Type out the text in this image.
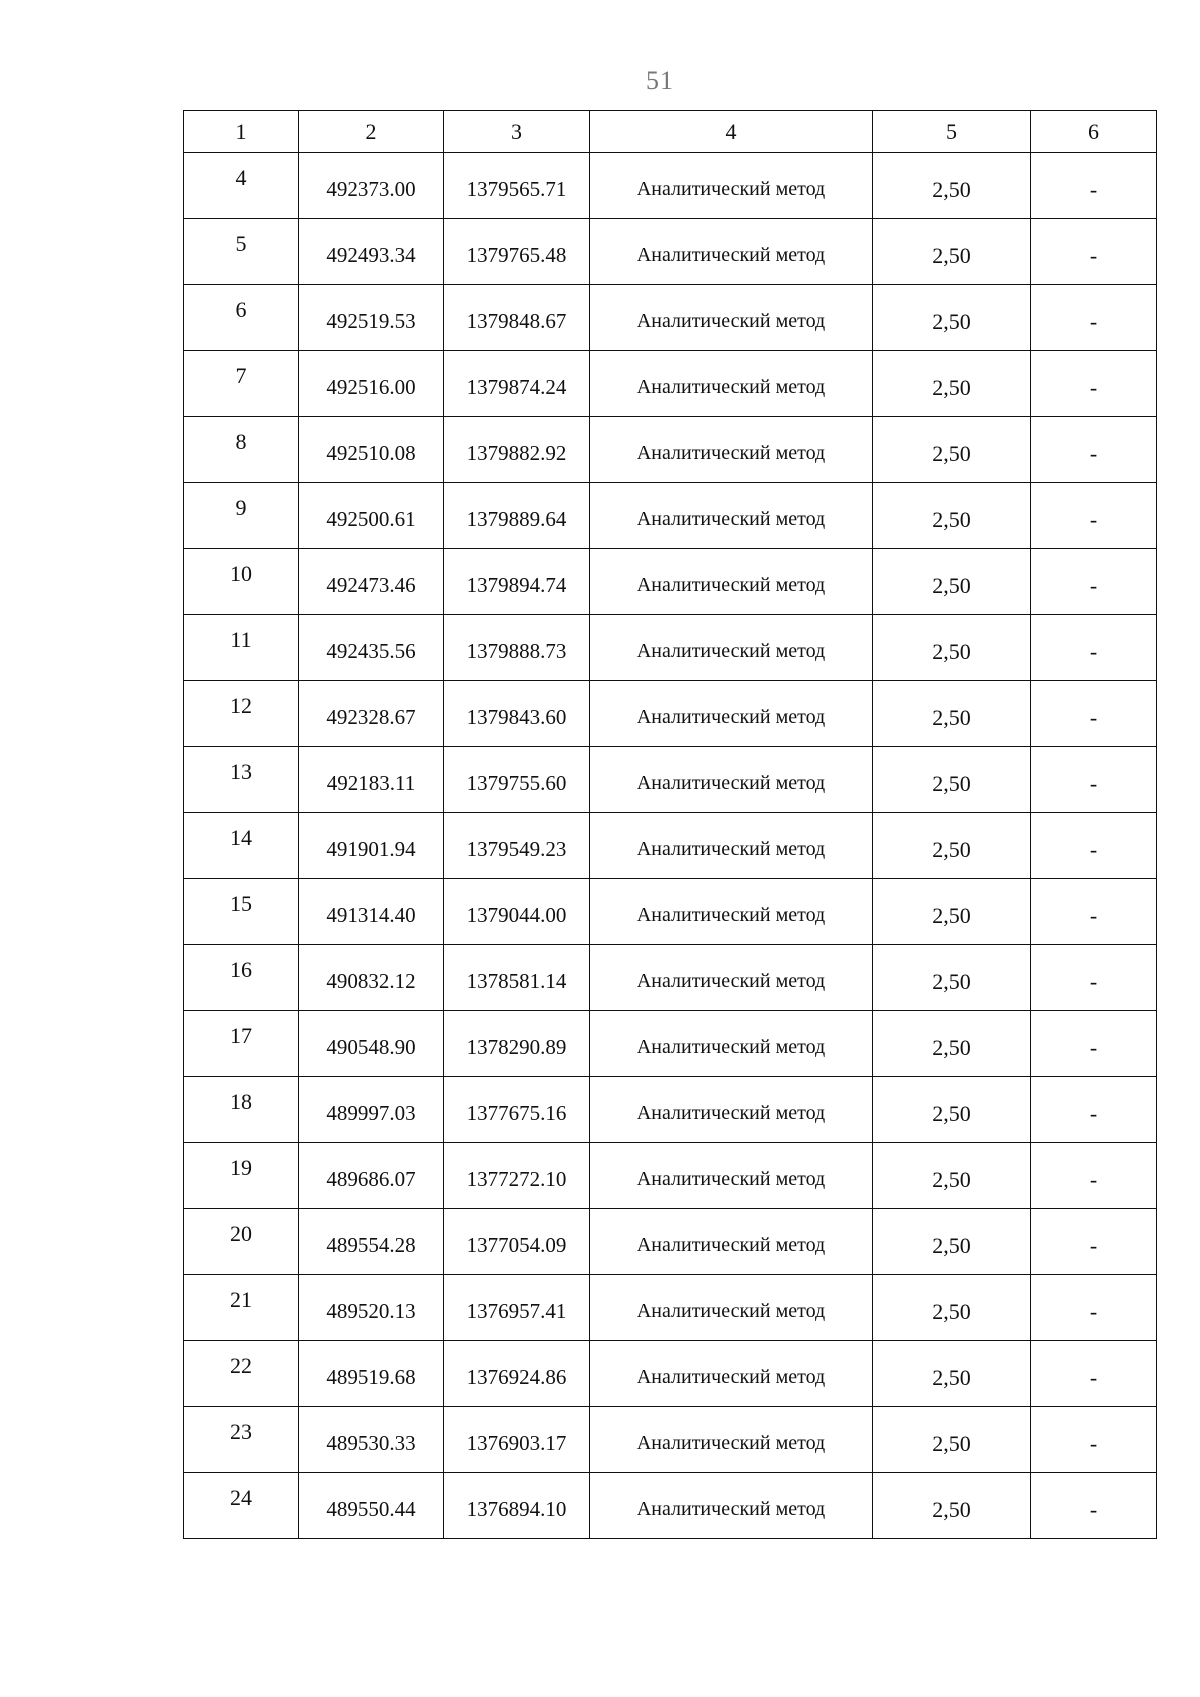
51
1	2	3	4	5	6
4	492373.00	1379565.71	Аналитический метод	2,50	-
5	492493.34	1379765.48	Аналитический метод	2,50	-
6	492519.53	1379848.67	Аналитический метод	2,50	-
7	492516.00	1379874.24	Аналитический метод	2,50	-
8	492510.08	1379882.92	Аналитический метод	2,50	-
9	492500.61	1379889.64	Аналитический метод	2,50	-
10	492473.46	1379894.74	Аналитический метод	2,50	-
11	492435.56	1379888.73	Аналитический метод	2,50	-
12	492328.67	1379843.60	Аналитический метод	2,50	-
13	492183.11	1379755.60	Аналитический метод	2,50	-
14	491901.94	1379549.23	Аналитический метод	2,50	-
15	491314.40	1379044.00	Аналитический метод	2,50	-
16	490832.12	1378581.14	Аналитический метод	2,50	-
17	490548.90	1378290.89	Аналитический метод	2,50	-
18	489997.03	1377675.16	Аналитический метод	2,50	-
19	489686.07	1377272.10	Аналитический метод	2,50	-
20	489554.28	1377054.09	Аналитический метод	2,50	-
21	489520.13	1376957.41	Аналитический метод	2,50	-
22	489519.68	1376924.86	Аналитический метод	2,50	-
23	489530.33	1376903.17	Аналитический метод	2,50	-
24	489550.44	1376894.10	Аналитический метод	2,50	-
